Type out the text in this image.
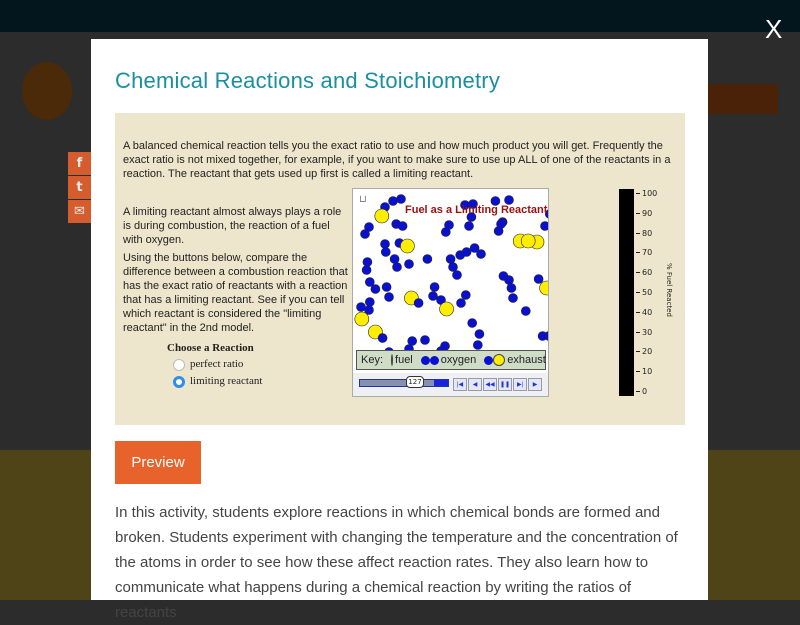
f
t
✉
X
Chemical Reactions and Stoichiometry
A balanced chemical reaction tells you the exact ratio to use and how much product you will get. Frequently the exact ratio is not mixed together, for example, if you want to make sure to use up ALL of one of the reactants in a reaction. The reactant that gets used up first is called a limiting reactant.
A limiting reactant almost always plays a role is during combustion, the reaction of a fuel with oxygen.
Using the buttons below, compare the difference between a combustion reaction that has the exact ratio of reactants with a reaction that has a limiting reactant. See if you can tell which reactant is considered the "limiting reactant" in the 2nd model.
Choose a Reaction
perfect ratio
limiting reactant
⊔
Fuel as a Limiting Reactant
Key: fuel	oxygen	exhaust
127	|◀	◀	◀◀ ❚❚	▶|	▶
100
90
80
70
60
50
40
30
20
10
0
% Fuel Reacted
Preview
In this activity, students explore reactions in which chemical bonds are formed and broken. Students experiment with changing the temperature and the concentration of the atoms in order to see how these affect reaction rates. They also learn how to communicate what happens during a chemical reaction by writing the ratios of reactants
